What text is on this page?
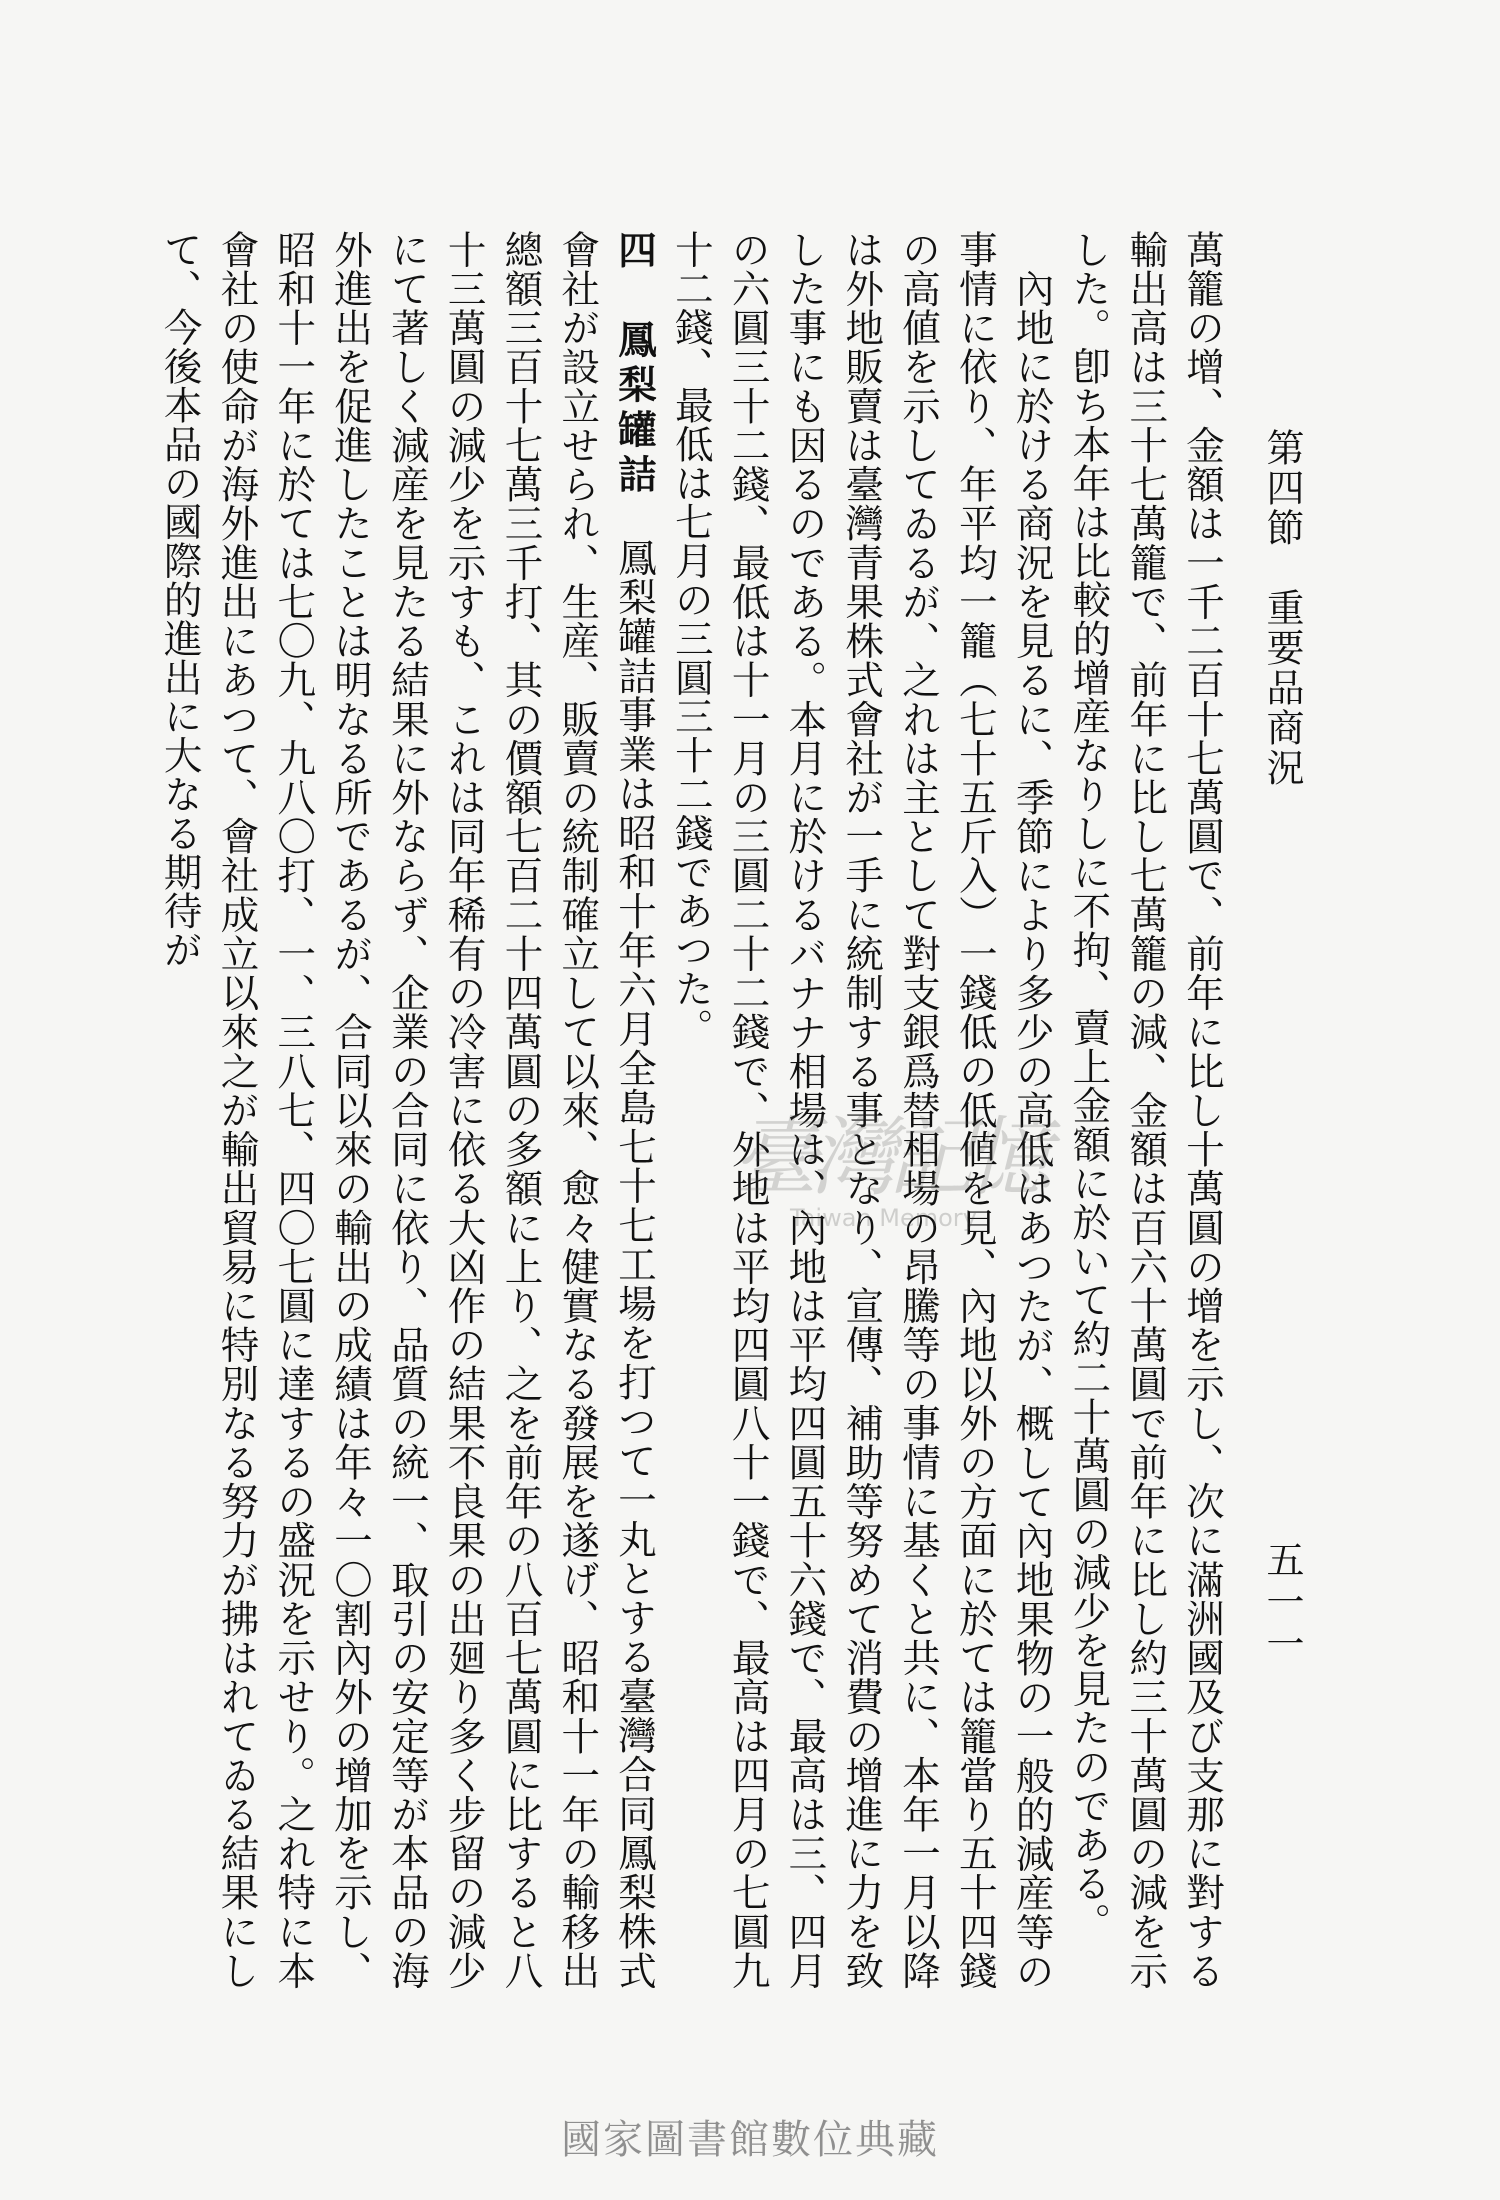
第四節　重要品商況
五一一

萬籠の增、金額は一千二百十七萬圓で、前年に比し十萬圓の增を示し、次に滿洲國及び支那に對する輸出高は三十七萬籠で、前年に比し七萬籠の減、金額は百六十萬圓で前年に比し約三十萬圓の減を示した。卽ち本年は比較的增産なりしに不拘、賣上金額に於いて約二十萬圓の減少を見たのである。

內地に於ける商況を見るに、季節により多少の高低はあつたが、概して內地果物の一般的減産等の事情に依り、年平均一籠（七十五斤入）一錢低の低値を見、內地以外の方面に於ては籠當り五十四錢の高値を示してゐるが、之れは主として對支銀爲替相場の昂騰等の事情に基くと共に、本年一月以降は外地販賣は臺灣青果株式會社が一手に統制する事となり、宣傳、補助等努めて消費の增進に力を致した事にも因るのである。本月に於けるバナナ相場は、內地は平均四圓五十六錢で、最高は三、四月の六圓三十二錢、最低は十一月の三圓二十二錢で、外地は平均四圓八十一錢で、最高は四月の七圓九十二錢、最低は七月の三圓三十二錢であつた。

四　鳳梨罐詰　鳳梨罐詰事業は昭和十年六月全島七十七工場を打つて一丸とする臺灣合同鳳梨株式會社が設立せられ、生産、販賣の統制確立して以來、愈々健實なる發展を遂げ、昭和十一年の輸移出總額三百十七萬三千打、其の價額七百二十四萬圓の多額に上り、之を前年の八百七萬圓に比すると八十三萬圓の減少を示すも、これは同年稀有の冷害に依る大凶作の結果不良果の出廻り多く步留の減少にて著しく減産を見たる結果に外ならず、企業の合同に依り、品質の統一、取引の安定等が本品の海外進出を促進したことは明なる所であるが、合同以來の輸出の成績は年々一〇割內外の增加を示し、昭和十一年に於ては七〇九、九八〇打、一、三八七、四〇七圓に達するの盛況を示せり。之れ特に本會社の使命が海外進出にあつて、會社成立以來之が輸出貿易に特別なる努力が拂はれてゐる結果にして、今後本品の國際的進出に大なる期待が

臺灣記憶
Taiwan Memory
國家圖書館數位典藏
